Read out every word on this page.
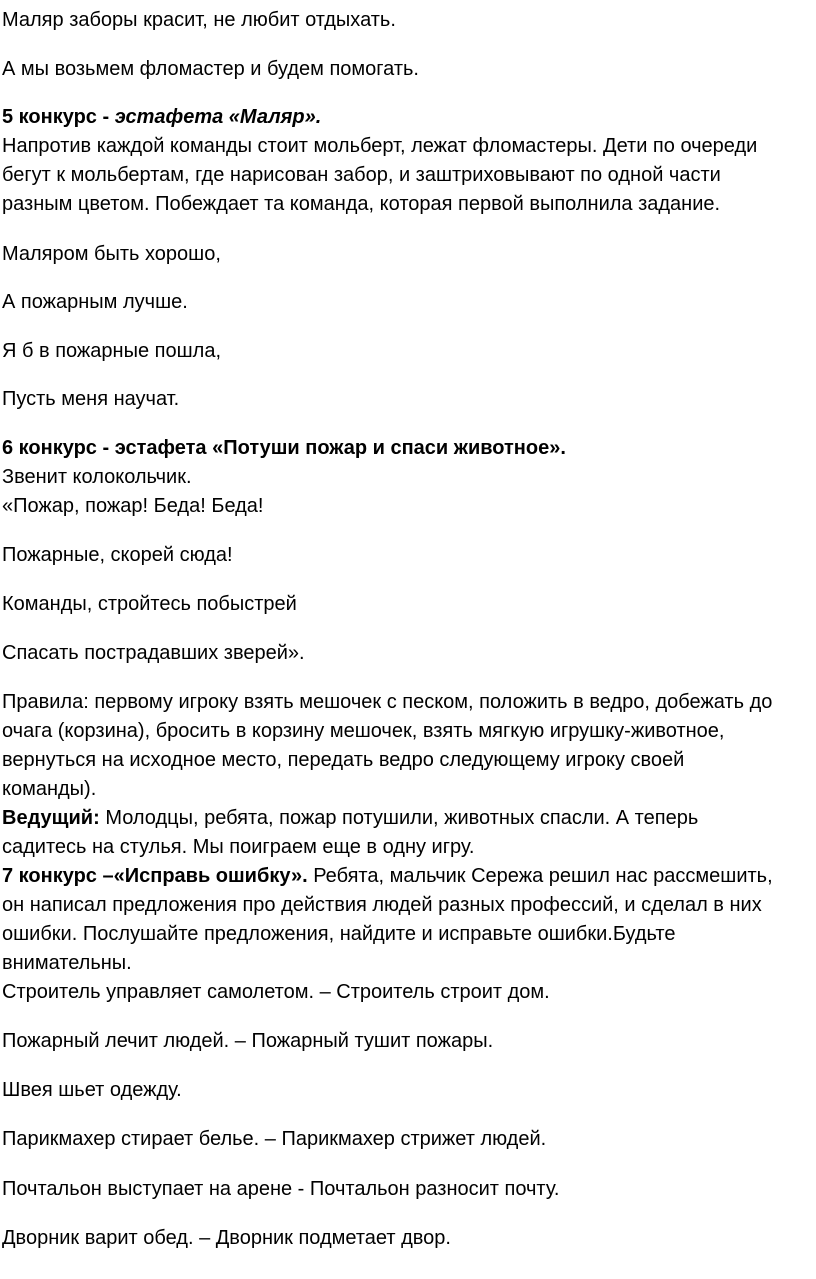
Маляр заборы красит, не любит отдыхать.
А мы возьмем фломастер и будем помогать.
5 конкурс - эстафета «Маляр».
Напротив каждой команды стоит мольберт, лежат фломастеры. Дети по очереди
бегут к мольбертам, где нарисован забор, и заштриховывают по одной части
разным цветом. Побеждает та команда, которая первой выполнила задание.
Маляром быть хорошо,
А пожарным лучше.
Я б в пожарные пошла,
Пусть меня научат.
6 конкурс - эстафета «Потуши пожар и спаси животное».
Звенит колокольчик.
«Пожар, пожар! Беда! Беда!
Пожарные, скорей сюда!
Команды, стройтесь побыстрей
Спасать пострадавших зверей».
Правила: первому игроку взять мешочек с песком, положить в ведро, добежать до
очага (корзина), бросить в корзину мешочек, взять мягкую игрушку-животное,
вернуться на исходное место, передать ведро следующему игроку своей
команды).
Ведущий: Молодцы, ребята, пожар потушили, животных спасли. А теперь
садитесь на стулья. Мы поиграем еще в одну игру.
7 конкурс –«Исправь ошибку». Ребята, мальчик Сережа решил нас рассмешить,
он написал предложения про действия людей разных профессий, и сделал в них
ошибки. Послушайте предложения, найдите и исправьте ошибки.Будьте
внимательны.
Строитель управляет самолетом. – Строитель строит дом.
Пожарный лечит людей. – Пожарный тушит пожары.
Швея шьет одежду.
Парикмахер стирает белье. – Парикмахер стрижет людей.
Почтальон выступает на арене - Почтальон разносит почту.
Дворник варит обед. – Дворник подметает двор.
